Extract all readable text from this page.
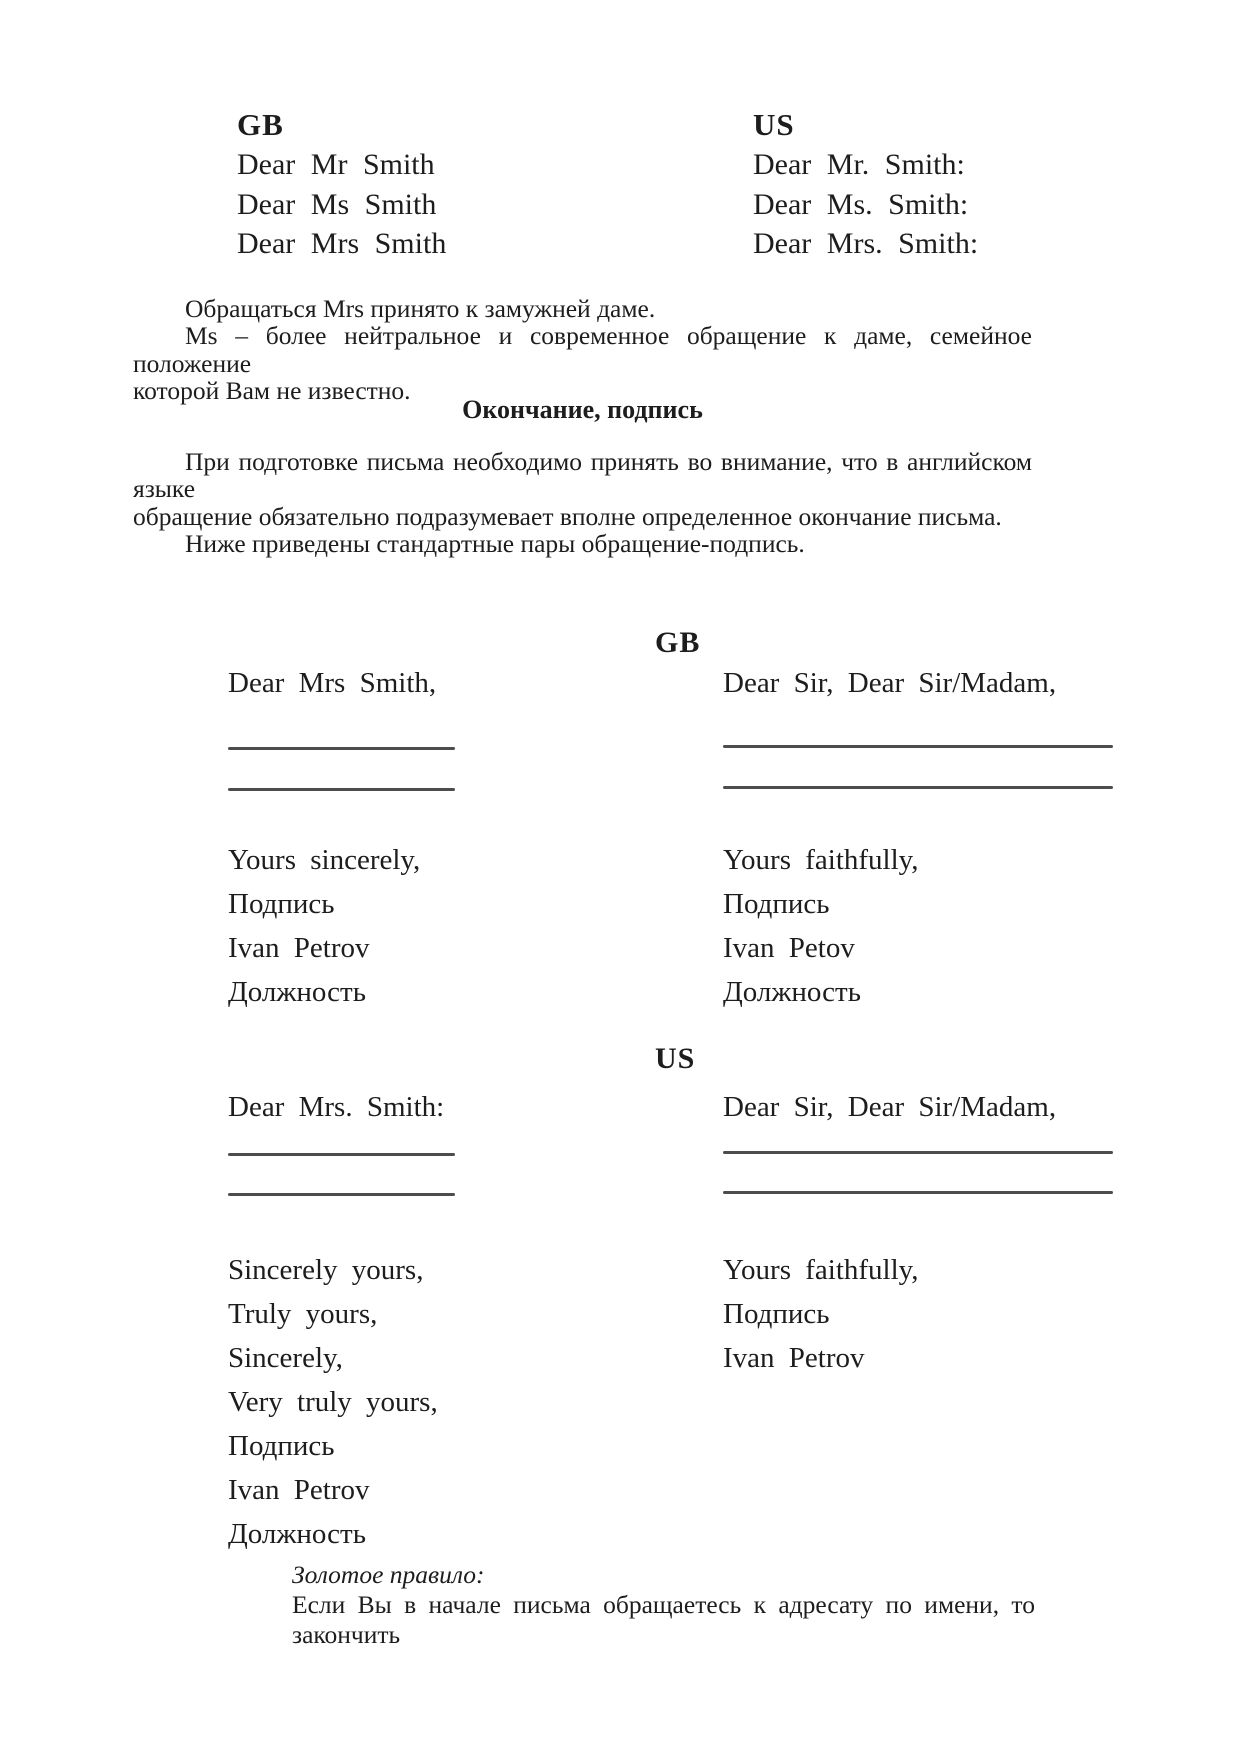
GB
Dear Mr Smith
Dear Ms Smith
Dear Mrs Smith
US
Dear Mr. Smith:
Dear Ms. Smith:
Dear Mrs. Smith:
Обращаться Mrs принято к замужней даме.
Ms – более нейтральное и современное обращение к даме, семейное положение
которой Вам не известно.
Окончание, подпись
При подготовке письма необходимо принять во внимание, что в английском языке
обращение обязательно подразумевает вполне определенное окончание письма.
Ниже приведены стандартные пары обращение-подпись.
GB
Dear Mrs Smith,	Dear Sir, Dear Sir/Madam,
Yours sincerely,
Подпись
Ivan Petrov
Должность
Yours faithfully,
Подпись
Ivan Petov
Должность
US
Dear Mrs. Smith:	Dear Sir, Dear Sir/Madam,
Sincerely yours,
Truly yours,
Sincerely,
Very truly yours,
Подпись
Ivan Petrov
Должность
Yours faithfully,
Подпись
Ivan Petrov
Золотое правило:
Если Вы в начале письма обращаетесь к адресату по имени, то закончить
